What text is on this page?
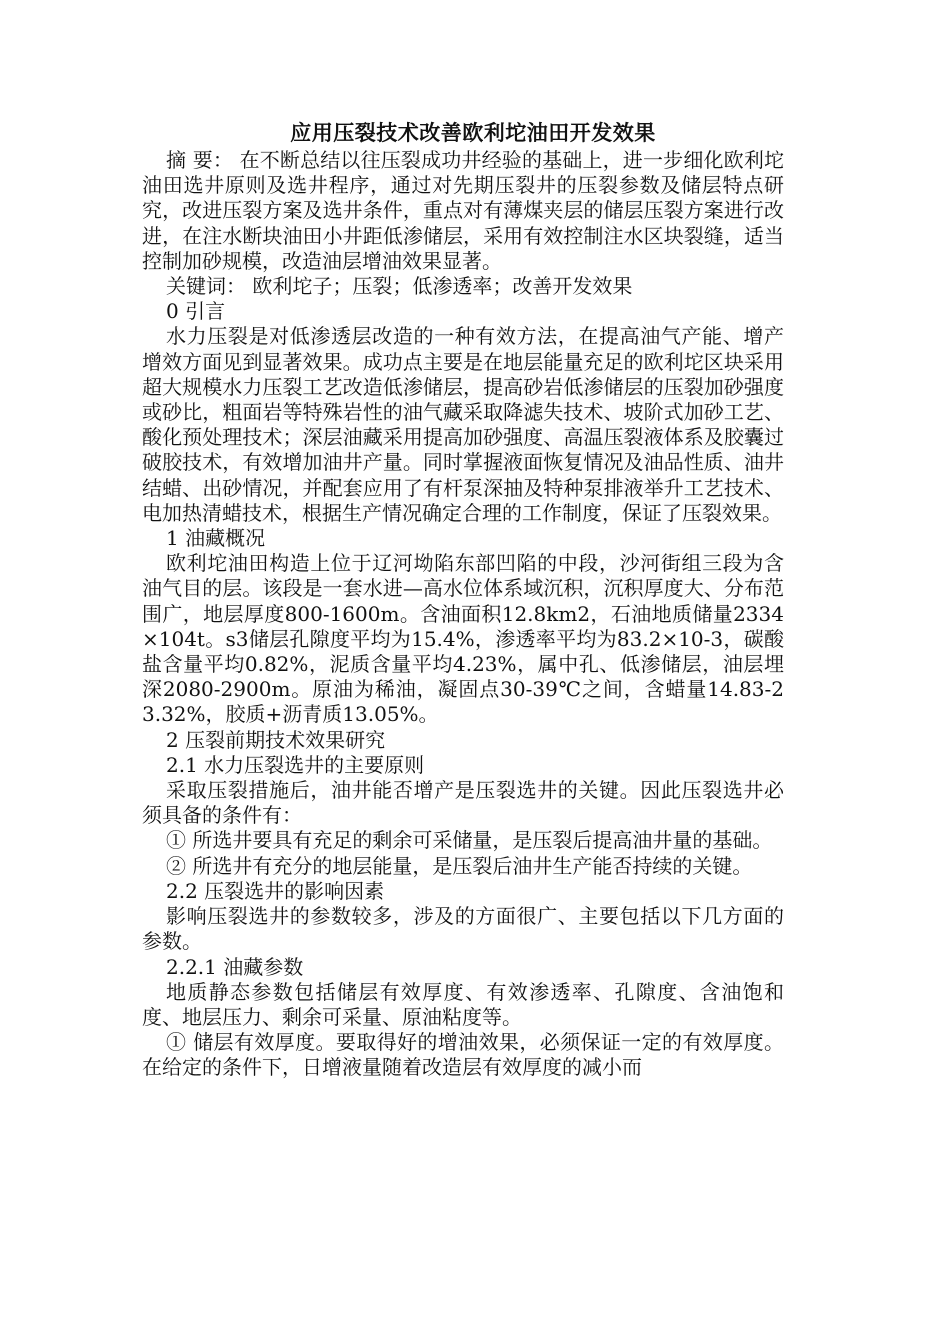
应用压裂技术改善欧利坨油田开发效果

摘 要： 在不断总结以往压裂成功井经验的基础上，进一步细化欧利坨油田选井原则及选井程序，通过对先期压裂井的压裂参数及储层特点研究，改进压裂方案及选井条件，重点对有薄煤夹层的储层压裂方案进行改进，在注水断块油田小井距低渗储层，采用有效控制注水区块裂缝，适当控制加砂规模，改造油层增油效果显著。

关键词： 欧利坨子；压裂；低渗透率；改善开发效果

0 引言

水力压裂是对低渗透层改造的一种有效方法，在提高油气产能、增产增效方面见到显著效果。成功点主要是在地层能量充足的欧利坨区块采用超大规模水力压裂工艺改造低渗储层，提高砂岩低渗储层的压裂加砂强度或砂比，粗面岩等特殊岩性的油气藏采取降滤失技术、坡阶式加砂工艺、酸化预处理技术；深层油藏采用提高加砂强度、高温压裂液体系及胶囊过破胶技术，有效增加油井产量。同时掌握液面恢复情况及油品性质、油井结蜡、出砂情况，并配套应用了有杆泵深抽及特种泵排液举升工艺技术、电加热清蜡技术，根据生产情况确定合理的工作制度，保证了压裂效果。

1 油藏概况

欧利坨油田构造上位于辽河坳陷东部凹陷的中段，沙河街组三段为含油气目的层。该段是一套水进—高水位体系域沉积，沉积厚度大、分布范围广，地层厚度800-1600m。含油面积12.8km2，石油地质储量2334×104t。s3储层孔隙度平均为15.4%，渗透率平均为83.2×10-3，碳酸盐含量平均0.82%，泥质含量平均4.23%，属中孔、低渗储层，油层埋深2080-2900m。原油为稀油，凝固点30-39℃之间，含蜡量14.83-23.32%，胶质+沥青质13.05%。

2 压裂前期技术效果研究

2.1 水力压裂选井的主要原则

采取压裂措施后，油井能否增产是压裂选井的关键。因此压裂选井必须具备的条件有：

① 所选井要具有充足的剩余可采储量，是压裂后提高油井量的基础。

② 所选井有充分的地层能量，是压裂后油井生产能否持续的关键。

2.2 压裂选井的影响因素

影响压裂选井的参数较多，涉及的方面很广、主要包括以下几方面的参数。

2.2.1 油藏参数

地质静态参数包括储层有效厚度、有效渗透率、孔隙度、含油饱和度、地层压力、剩余可采量、原油粘度等。

① 储层有效厚度。要取得好的增油效果，必须保证一定的有效厚度。在给定的条件下，日增液量随着改造层有效厚度的减小而
